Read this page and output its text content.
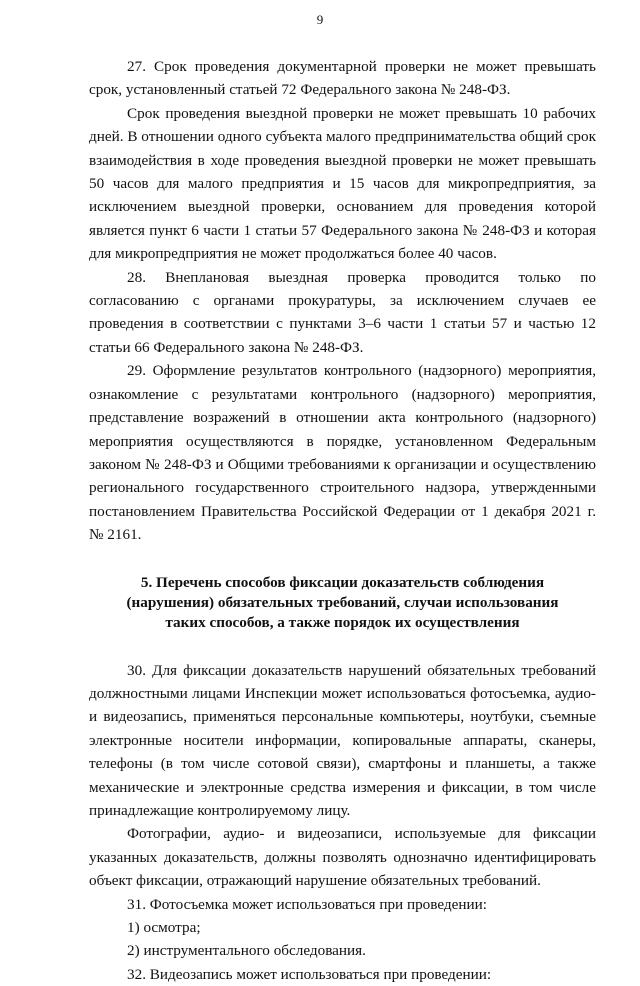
9

27. Срок проведения документарной проверки не может превышать срок, установленный статьей 72 Федерального закона № 248-ФЗ.

Срок проведения выездной проверки не может превышать 10 рабочих дней. В отношении одного субъекта малого предпринимательства общий срок взаимодействия в ходе проведения выездной проверки не может превышать 50 часов для малого предприятия и 15 часов для микропредприятия, за исключением выездной проверки, основанием для проведения которой является пункт 6 части 1 статьи 57 Федерального закона № 248-ФЗ и которая для микропредприятия не может продолжаться более 40 часов.

28. Внеплановая выездная проверка проводится только по согласованию с органами прокуратуры, за исключением случаев ее проведения в соответствии с пунктами 3–6 части 1 статьи 57 и частью 12 статьи 66 Федерального закона № 248-ФЗ.

29. Оформление результатов контрольного (надзорного) мероприятия, ознакомление с результатами контрольного (надзорного) мероприятия, представление возражений в отношении акта контрольного (надзорного) мероприятия осуществляются в порядке, установленном Федеральным законом № 248-ФЗ и Общими требованиями к организации и осуществлению регионального государственного строительного надзора, утвержденными постановлением Правительства Российской Федерации от 1 декабря 2021 г. № 2161.

5. Перечень способов фиксации доказательств соблюдения
(нарушения) обязательных требований, случаи использования
таких способов, а также порядок их осуществления

30. Для фиксации доказательств нарушений обязательных требований должностными лицами Инспекции может использоваться фотосъемка, аудио- и видеозапись, применяться персональные компьютеры, ноутбуки, съемные электронные носители информации, копировальные аппараты, сканеры, телефоны (в том числе сотовой связи), смартфоны и планшеты, а также механические и электронные средства измерения и фиксации, в том числе принадлежащие контролируемому лицу.

Фотографии, аудио- и видеозаписи, используемые для фиксации указанных доказательств, должны позволять однозначно идентифицировать объект фиксации, отражающий нарушение обязательных требований.

31. Фотосъемка может использоваться при проведении:

1) осмотра;

2) инструментального обследования.

32. Видеозапись может использоваться при проведении:
